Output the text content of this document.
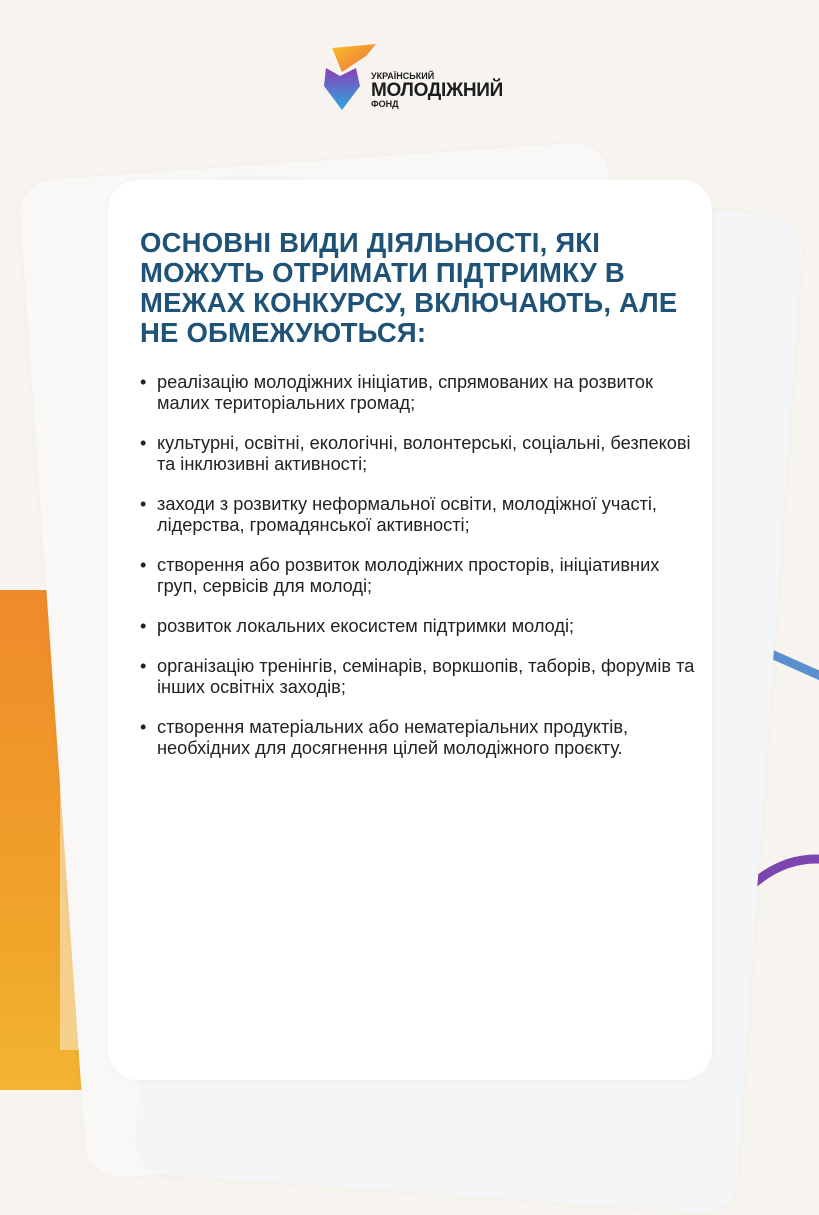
УКРАЇНСЬКИЙ
МОЛОДІЖНИЙ
ФОНД
ОСНОВНІ ВИДИ ДІЯЛЬНОСТІ, ЯКІ МОЖУТЬ ОТРИМАТИ ПІДТРИМКУ В МЕЖАХ КОНКУРСУ, ВКЛЮЧАЮТЬ, АЛЕ НЕ ОБМЕЖУЮТЬСЯ:
• реалізацію молодіжних ініціатив, спрямованих на розвиток малих територіальних громад;
• культурні, освітні, екологічні, волонтерські, соціальні, безпекові та інклюзивні активності;
• заходи з розвитку неформальної освіти, молодіжної участі, лідерства, громадянської активності;
• створення або розвиток молодіжних просторів, ініціативних груп, сервісів для молоді;
• розвиток локальних екосистем підтримки молоді;
• організацію тренінгів, семінарів, воркшопів, таборів, форумів та інших освітніх заходів;
• створення матеріальних або нематеріальних продуктів, необхідних для досягнення цілей молодіжного проєкту.
